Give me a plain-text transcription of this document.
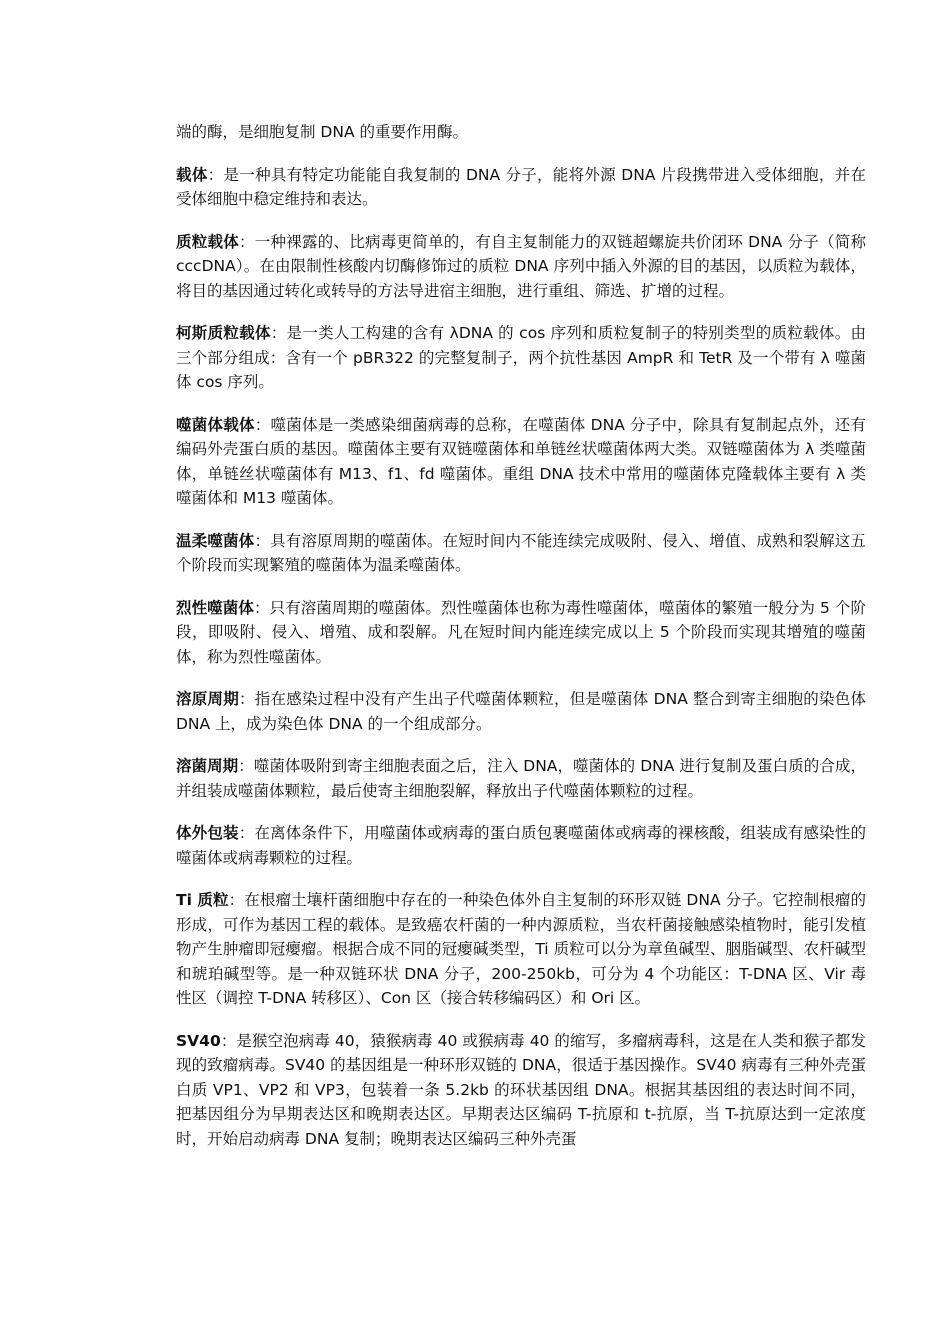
端的酶，是细胞复制 DNA 的重要作用酶。

载体：是一种具有特定功能能自我复制的 DNA 分子，能将外源 DNA 片段携带进入受体细胞，并在受体细胞中稳定维持和表达。

质粒载体：一种裸露的、比病毒更简单的，有自主复制能力的双链超螺旋共价闭环 DNA 分子（简称 cccDNA）。在由限制性核酸内切酶修饰过的质粒 DNA 序列中插入外源的目的基因，以质粒为载体，将目的基因通过转化或转导的方法导进宿主细胞，进行重组、筛选、扩增的过程。

柯斯质粒载体：是一类人工构建的含有 λDNA 的 cos 序列和质粒复制子的特别类型的质粒载体。由三个部分组成：含有一个 pBR322 的完整复制子，两个抗性基因 AmpR 和 TetR 及一个带有 λ 噬菌体 cos 序列。

噬菌体载体：噬菌体是一类感染细菌病毒的总称，在噬菌体 DNA 分子中，除具有复制起点外，还有编码外壳蛋白质的基因。噬菌体主要有双链噬菌体和单链丝状噬菌体两大类。双链噬菌体为 λ 类噬菌体，单链丝状噬菌体有 M13、f1、fd 噬菌体。重组 DNA 技术中常用的噬菌体克隆载体主要有 λ 类噬菌体和 M13 噬菌体。

温柔噬菌体：具有溶原周期的噬菌体。在短时间内不能连续完成吸附、侵入、增值、成熟和裂解这五个阶段而实现繁殖的噬菌体为温柔噬菌体。

烈性噬菌体：只有溶菌周期的噬菌体。烈性噬菌体也称为毒性噬菌体，噬菌体的繁殖一般分为 5 个阶段，即吸附、侵入、增殖、成和裂解。凡在短时间内能连续完成以上 5 个阶段而实现其增殖的噬菌体，称为烈性噬菌体。

溶原周期：指在感染过程中没有产生出子代噬菌体颗粒，但是噬菌体 DNA 整合到寄主细胞的染色体 DNA 上，成为染色体 DNA 的一个组成部分。

溶菌周期：噬菌体吸附到寄主细胞表面之后，注入 DNA，噬菌体的 DNA 进行复制及蛋白质的合成，并组装成噬菌体颗粒，最后使寄主细胞裂解，释放出子代噬菌体颗粒的过程。

体外包装：在离体条件下，用噬菌体或病毒的蛋白质包裹噬菌体或病毒的裸核酸，组装成有感染性的噬菌体或病毒颗粒的过程。

Ti 质粒：在根瘤土壤杆菌细胞中存在的一种染色体外自主复制的环形双链 DNA 分子。它控制根瘤的形成，可作为基因工程的载体。是致癌农杆菌的一种内源质粒，当农杆菌接触感染植物时，能引发植物产生肿瘤即冠瘿瘤。根据合成不同的冠瘿碱类型，Ti 质粒可以分为章鱼碱型、胭脂碱型、农杆碱型和琥珀碱型等。是一种双链环状 DNA 分子，200-250kb，可分为 4 个功能区：T-DNA 区、Vir 毒性区（调控 T-DNA 转移区）、Con 区（接合转移编码区）和 Ori 区。

SV40：是猴空泡病毒 40，猿猴病毒 40 或猴病毒 40 的缩写，多瘤病毒科，这是在人类和猴子都发现的致瘤病毒。SV40 的基因组是一种环形双链的 DNA，很适于基因操作。SV40 病毒有三种外壳蛋白质 VP1、VP2 和 VP3，包装着一条 5.2kb 的环状基因组 DNA。根据其基因组的表达时间不同，把基因组分为早期表达区和晚期表达区。早期表达区编码 T-抗原和 t-抗原，当 T-抗原达到一定浓度时，开始启动病毒 DNA 复制；晚期表达区编码三种外壳蛋
